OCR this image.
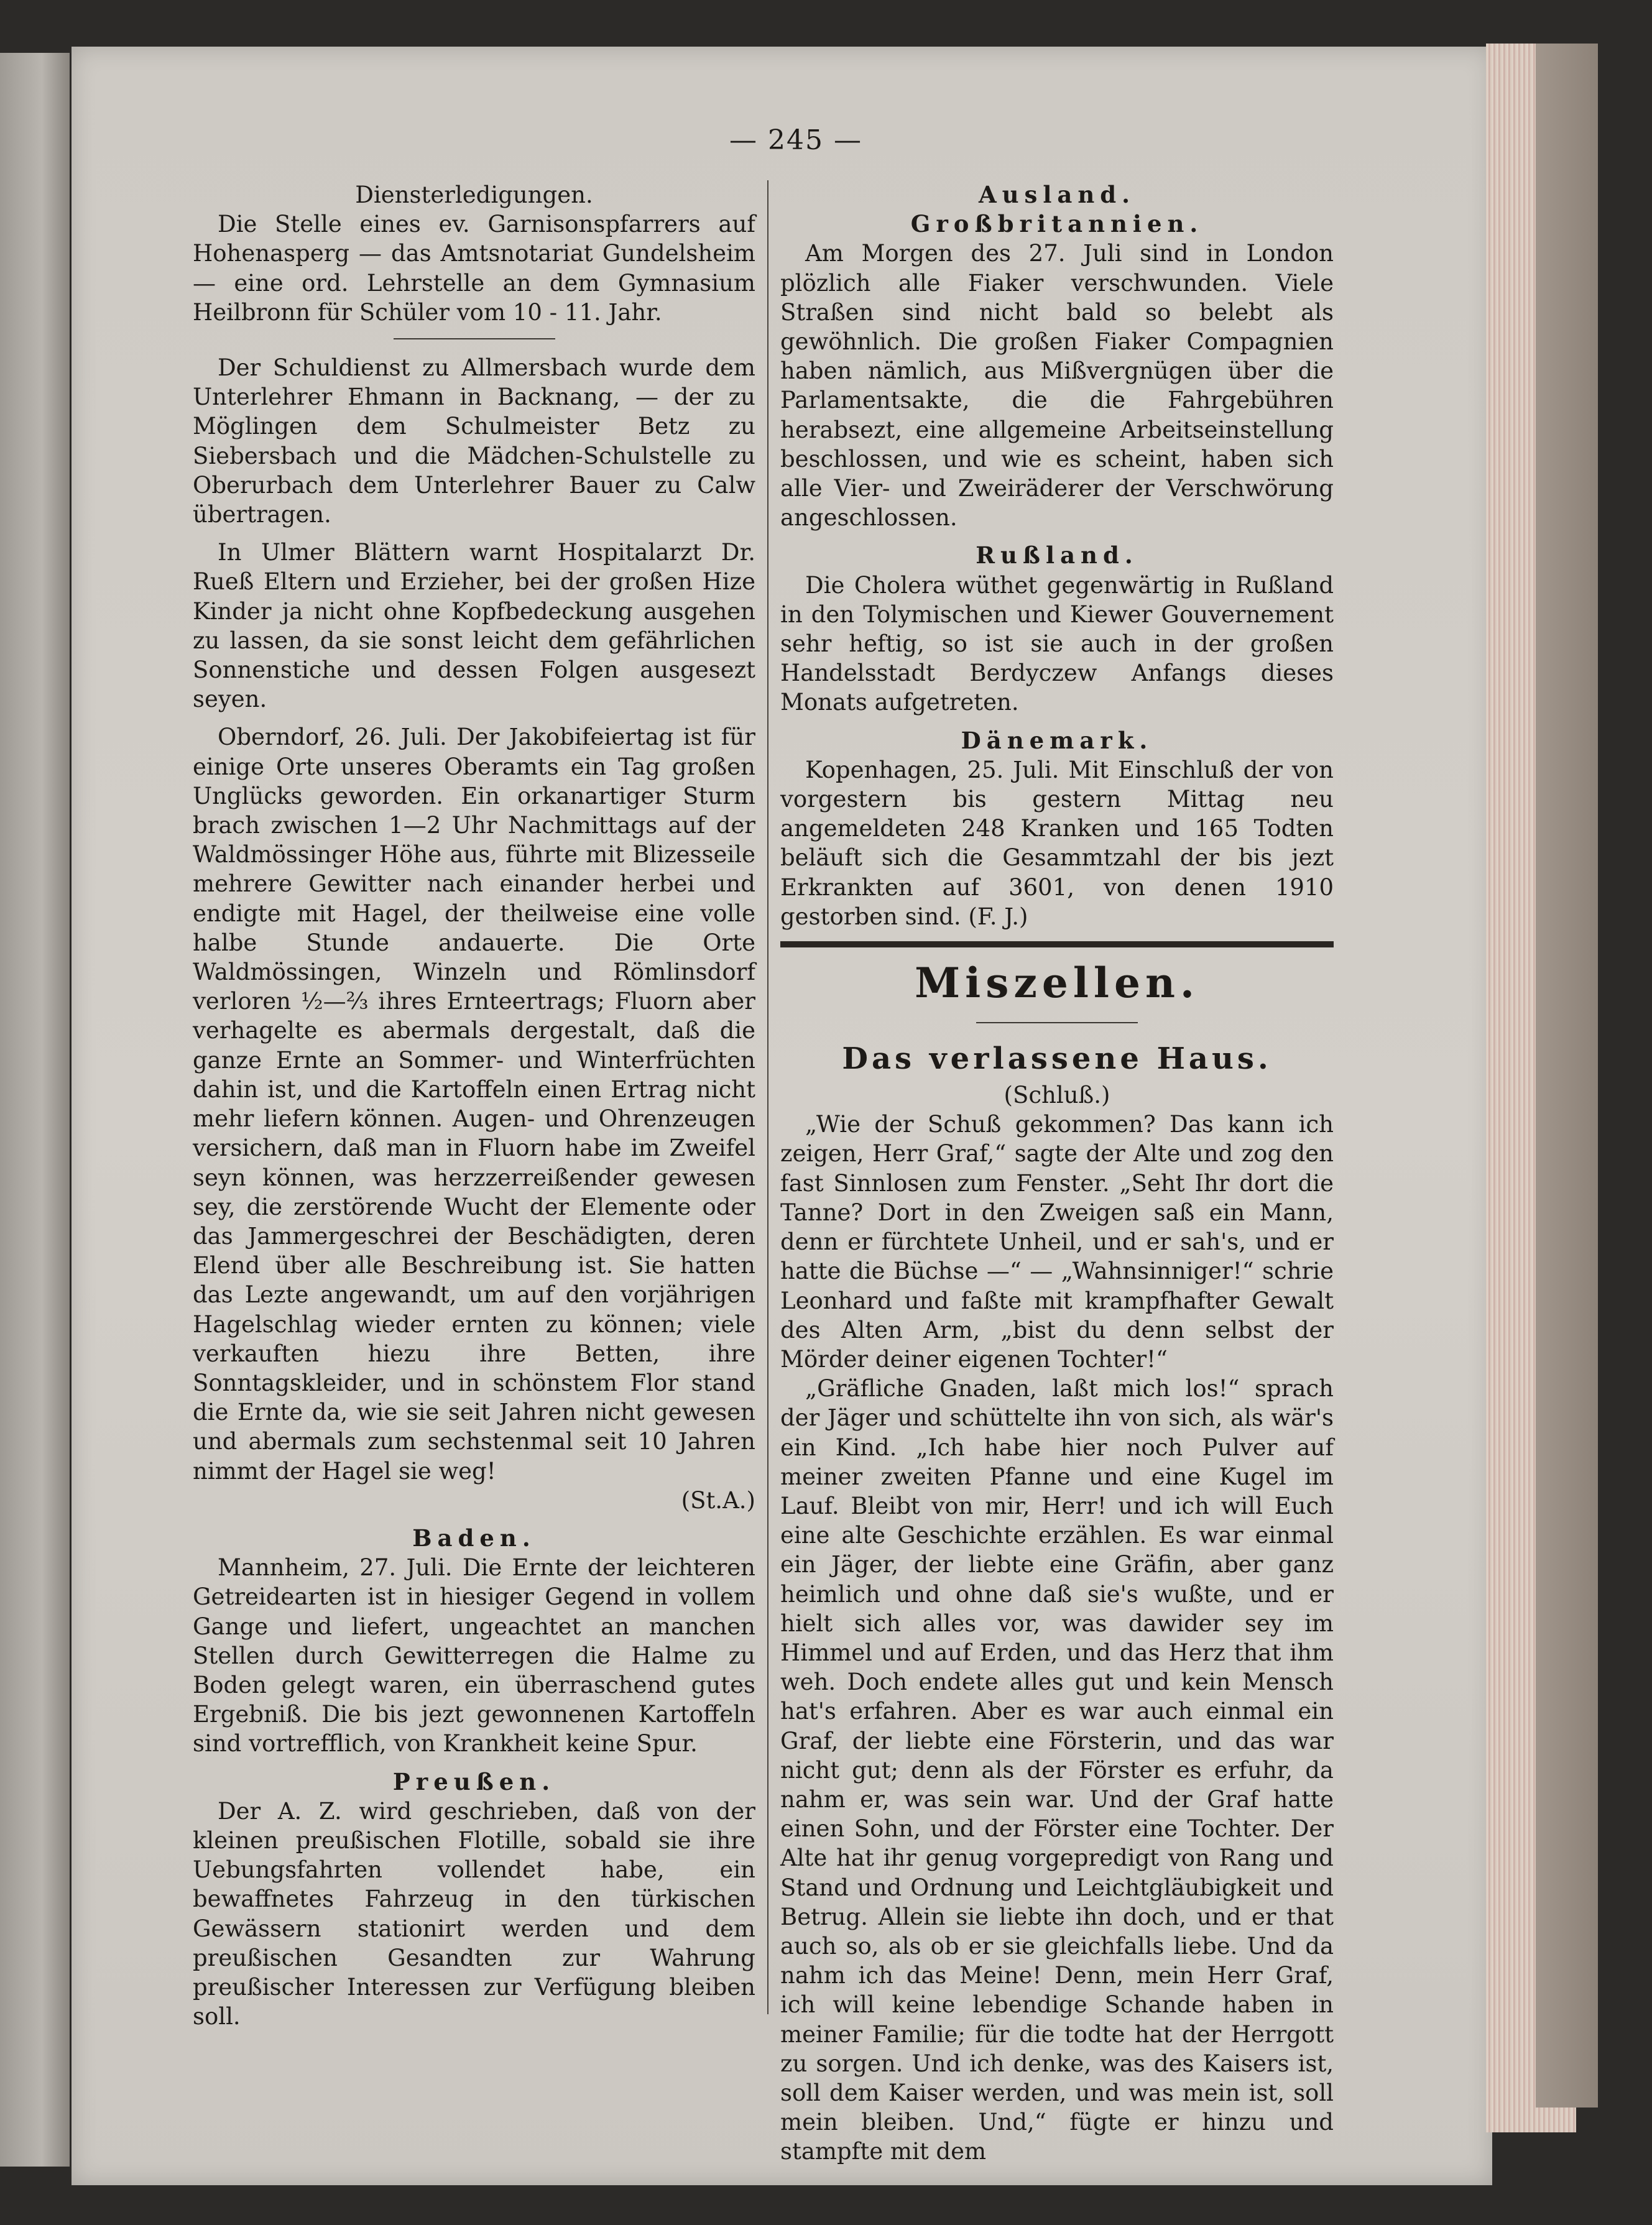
— 245 —
Diensterledigungen.

Die Stelle eines ev. Garnisonspfarrers auf Hohenasperg — das Amtsnotariat Gundelsheim — eine ord. Lehrstelle an dem Gymnasium Heilbronn für Schüler vom 10 - 11. Jahr.

Der Schuldienst zu Allmersbach wurde dem Unterlehrer Ehmann in Backnang, — der zu Möglingen dem Schulmeister Betz zu Siebersbach und die Mädchen-Schulstelle zu Oberurbach dem Unterlehrer Bauer zu Calw übertragen.

In Ulmer Blättern warnt Hospitalarzt Dr. Rueß Eltern und Erzieher, bei der großen Hize Kinder ja nicht ohne Kopfbedeckung ausgehen zu lassen, da sie sonst leicht dem gefährlichen Sonnenstiche und dessen Folgen ausgesezt seyen.

Oberndorf, 26. Juli. Der Jakobifeiertag ist für einige Orte unseres Oberamts ein Tag großen Unglücks geworden. Ein orkanartiger Sturm brach zwischen 1—2 Uhr Nachmittags auf der Waldmössinger Höhe aus, führte mit Blizesseile mehrere Gewitter nach einander herbei und endigte mit Hagel, der theilweise eine volle halbe Stunde andauerte. Die Orte Waldmössingen, Winzeln und Römlinsdorf verloren ½—⅔ ihres Ernteertrags; Fluorn aber verhagelte es abermals dergestalt, daß die ganze Ernte an Sommer- und Winterfrüchten dahin ist, und die Kartoffeln einen Ertrag nicht mehr liefern können. Augen- und Ohrenzeugen versichern, daß man in Fluorn habe im Zweifel seyn können, was herzzerreißender gewesen sey, die zerstörende Wucht der Elemente oder das Jammergeschrei der Beschädigten, deren Elend über alle Beschreibung ist. Sie hatten das Lezte angewandt, um auf den vorjährigen Hagelschlag wieder ernten zu können; viele verkauften hiezu ihre Betten, ihre Sonntagskleider, und in schönstem Flor stand die Ernte da, wie sie seit Jahren nicht gewesen und abermals zum sechstenmal seit 10 Jahren nimmt der Hagel sie weg!

(St.A.)
Baden.

Mannheim, 27. Juli. Die Ernte der leichteren Getreidearten ist in hiesiger Gegend in vollem Gange und liefert, ungeachtet an manchen Stellen durch Gewitterregen die Halme zu Boden gelegt waren, ein überraschend gutes Ergebniß. Die bis jezt gewonnenen Kartoffeln sind vortrefflich, von Krankheit keine Spur.

Preußen.

Der A. Z. wird geschrieben, daß von der kleinen preußischen Flotille, sobald sie ihre Uebungsfahrten vollendet habe, ein bewaffnetes Fahrzeug in den türkischen Gewässern stationirt werden und dem preußischen Gesandten zur Wahrung preußischer Interessen zur Verfügung bleiben soll.

Ausland.
Großbritannien.

Am Morgen des 27. Juli sind in London plözlich alle Fiaker verschwunden. Viele Straßen sind nicht bald so belebt als gewöhnlich. Die großen Fiaker Compagnien haben nämlich, aus Mißvergnügen über die Parlamentsakte, die die Fahrgebühren herabsezt, eine allgemeine Arbeitseinstellung beschlossen, und wie es scheint, haben sich alle Vier- und Zweiräderer der Verschwörung angeschlossen.

Rußland.

Die Cholera wüthet gegenwärtig in Rußland in den Tolymischen und Kiewer Gouvernement sehr heftig, so ist sie auch in der großen Handelsstadt Berdyczew Anfangs dieses Monats aufgetreten.

Dänemark.

Kopenhagen, 25. Juli. Mit Einschluß der von vorgestern bis gestern Mittag neu angemeldeten 248 Kranken und 165 Todten beläuft sich die Gesammtzahl der bis jezt Erkrankten auf 3601, von denen 1910 gestorben sind. (F. J.)

Miszellen.
Das verlassene Haus.
(Schluß.)

„Wie der Schuß gekommen? Das kann ich zeigen, Herr Graf,“ sagte der Alte und zog den fast Sinnlosen zum Fenster. „Seht Ihr dort die Tanne? Dort in den Zweigen saß ein Mann, denn er fürchtete Unheil, und er sah's, und er hatte die Büchse —“ — „Wahnsinniger!“ schrie Leonhard und faßte mit krampfhafter Gewalt des Alten Arm, „bist du denn selbst der Mörder deiner eigenen Tochter!“

„Gräfliche Gnaden, laßt mich los!“ sprach der Jäger und schüttelte ihn von sich, als wär's ein Kind. „Ich habe hier noch Pulver auf meiner zweiten Pfanne und eine Kugel im Lauf. Bleibt von mir, Herr! und ich will Euch eine alte Geschichte erzählen. Es war einmal ein Jäger, der liebte eine Gräfin, aber ganz heimlich und ohne daß sie's wußte, und er hielt sich alles vor, was dawider sey im Himmel und auf Erden, und das Herz that ihm weh. Doch endete alles gut und kein Mensch hat's erfahren. Aber es war auch einmal ein Graf, der liebte eine Försterin, und das war nicht gut; denn als der Förster es erfuhr, da nahm er, was sein war. Und der Graf hatte einen Sohn, und der Förster eine Tochter. Der Alte hat ihr genug vorgepredigt von Rang und Stand und Ordnung und Leichtgläubigkeit und Betrug. Allein sie liebte ihn doch, und er that auch so, als ob er sie gleichfalls liebe. Und da nahm ich das Meine! Denn, mein Herr Graf, ich will keine lebendige Schande haben in meiner Familie; für die todte hat der Herrgott zu sorgen. Und ich denke, was des Kaisers ist, soll dem Kaiser werden, und was mein ist, soll mein bleiben. Und,“ fügte er hinzu und stampfte mit dem
